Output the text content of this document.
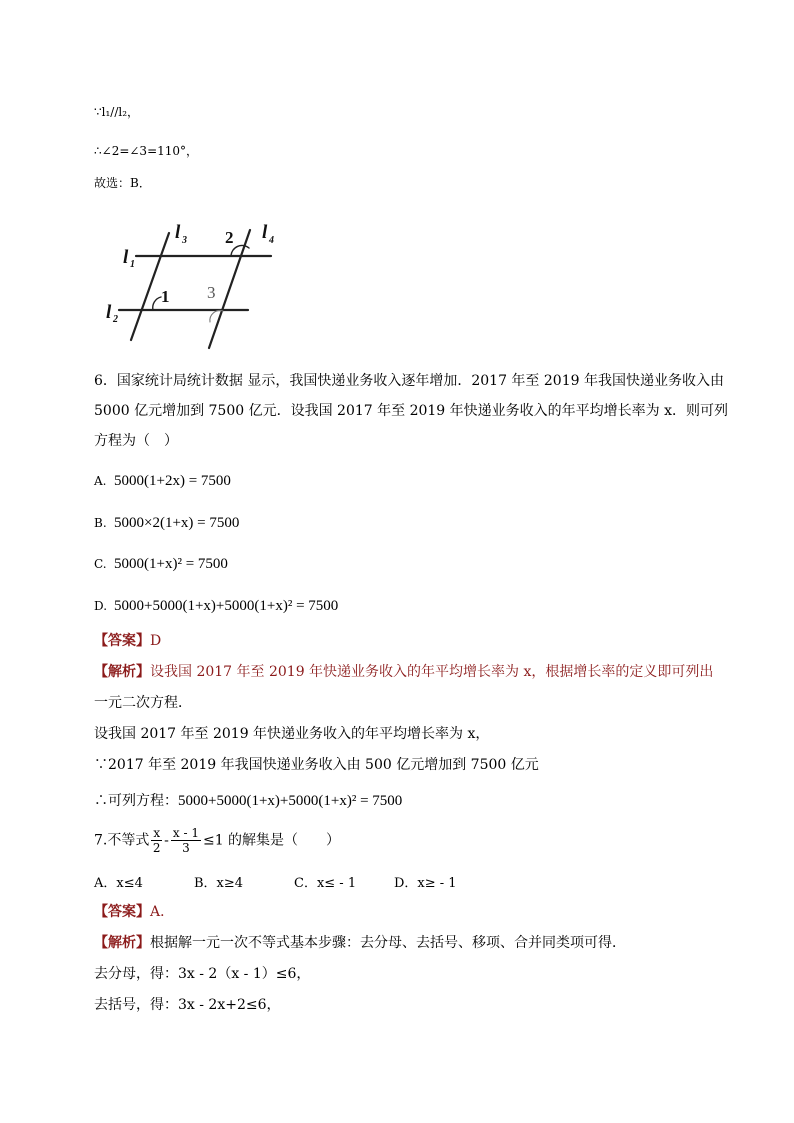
∵l₁//l₂，
∴∠2=∠3=110°，
故选：B．
l 1
l 2
l 3	l 4
1
2
3
6．国家统计局统计数据 显示，我国快递业务收入逐年增加．2017 年至 2019 年我国快递业务收入由
5000 亿元增加到 7500 亿元．设我国 2017 年至 2019 年快递业务收入的年平均增长率为 x．则可列
方程为（　）
A. 5000(1+2x) = 7500
B. 5000×2(1+x) = 7500
C. 5000(1+x)² = 7500
D. 5000+5000(1+x)+5000(1+x)² = 7500
【答案】D
【解析】设我国 2017 年至 2019 年快递业务收入的年平均增长率为 x，根据增长率的定义即可列出
一元二次方程．
设我国 2017 年至 2019 年快递业务收入的年平均增长率为 x，
∵2017 年至 2019 年我国快递业务收入由 500 亿元增加到 7500 亿元
∴可列方程：5000+5000(1+x)+5000(1+x)² = 7500
7.不等式 $\frac{x}{2} - \frac{x - 1}{3} \le 1$ 的解集是（　　）
A．x≤4	B．x≥4	C．x≤ - 1	D．x≥ - 1
【答案】A．
【解析】根据解一元一次不等式基本步骤：去分母、去括号、移项、合并同类项可得．
去分母，得：3x - 2（x - 1）≤6，
去括号，得：3x - 2x+2≤6，
